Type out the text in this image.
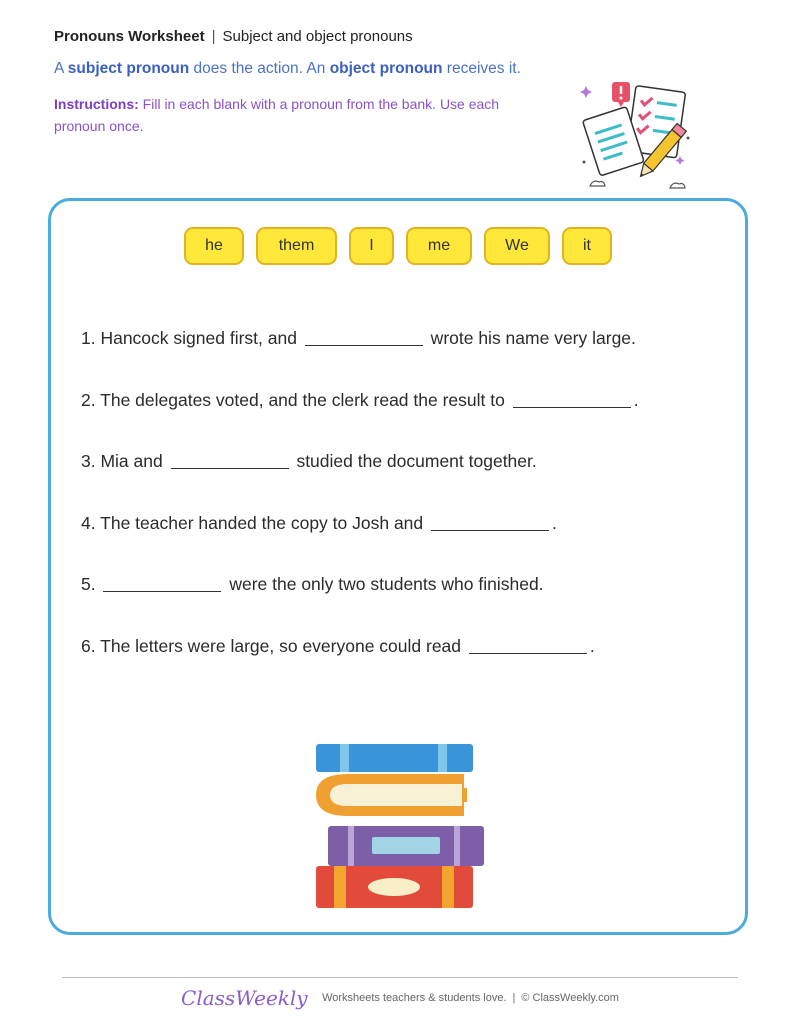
Pronouns Worksheet | Subject and object pronouns
A subject pronoun does the action. An object pronoun receives it.
Instructions: Fill in each blank with a pronoun from the bank. Use each pronoun once.
he	them	I	me	We	it
1. Hancock signed first, and	wrote his name very large.
2. The delegates voted, and the clerk read the result to	.
3. Mia and	studied the document together.
4. The teacher handed the copy to Josh and	.
5.	were the only two students who finished.
6. The letters were large, so everyone could read	.
ClassWeekly Worksheets teachers & students love. | © ClassWeekly.com
